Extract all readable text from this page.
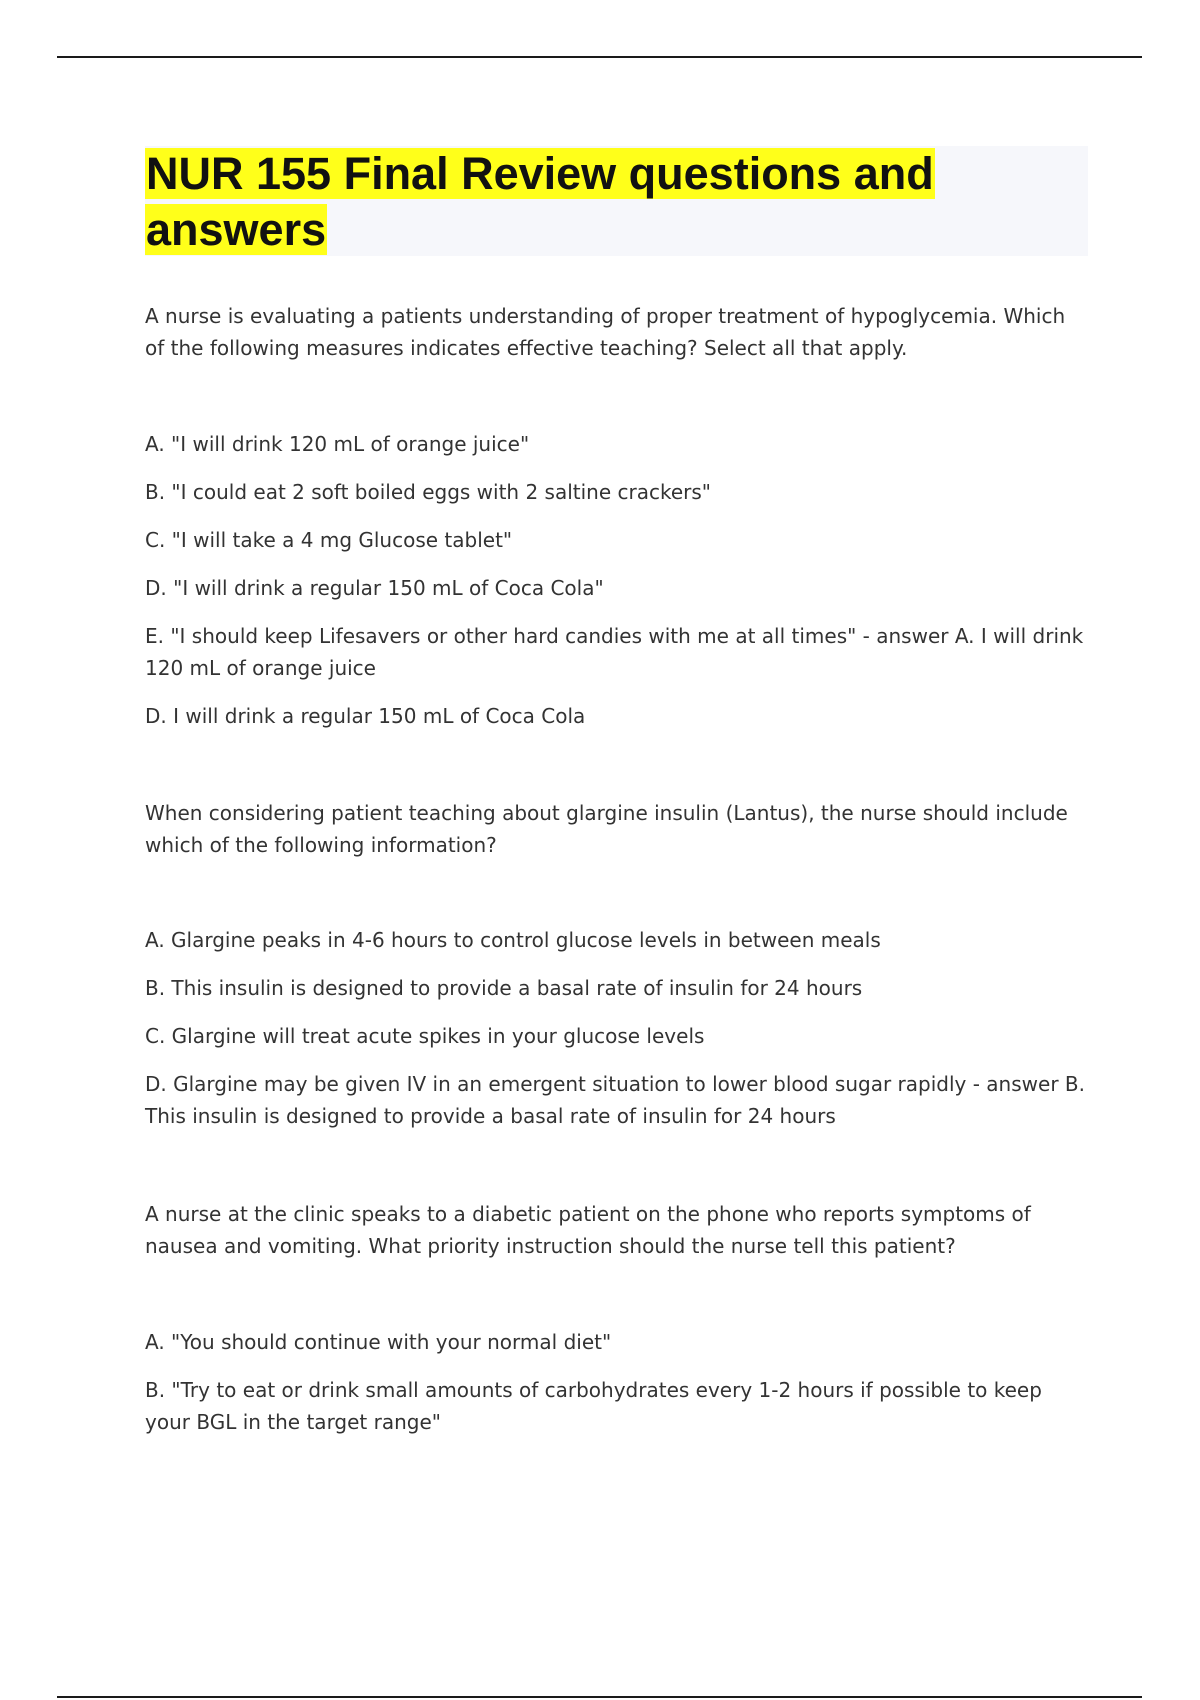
NUR 155 Final Review questions and answers

A nurse is evaluating a patients understanding of proper treatment of hypoglycemia. Which of the following measures indicates effective teaching? Select all that apply.

A. "I will drink 120 mL of orange juice"
B. "I could eat 2 soft boiled eggs with 2 saltine crackers"
C. "I will take a 4 mg Glucose tablet"
D. "I will drink a regular 150 mL of Coca Cola"
E. "I should keep Lifesavers or other hard candies with me at all times" - answer A. I will drink 120 mL of orange juice
D. I will drink a regular 150 mL of Coca Cola

When considering patient teaching about glargine insulin (Lantus), the nurse should include which of the following information?

A. Glargine peaks in 4-6 hours to control glucose levels in between meals
B. This insulin is designed to provide a basal rate of insulin for 24 hours
C. Glargine will treat acute spikes in your glucose levels
D. Glargine may be given IV in an emergent situation to lower blood sugar rapidly - answer B. This insulin is designed to provide a basal rate of insulin for 24 hours

A nurse at the clinic speaks to a diabetic patient on the phone who reports symptoms of nausea and vomiting. What priority instruction should the nurse tell this patient?

A. "You should continue with your normal diet"
B. "Try to eat or drink small amounts of carbohydrates every 1-2 hours if possible to keep your BGL in the target range"
